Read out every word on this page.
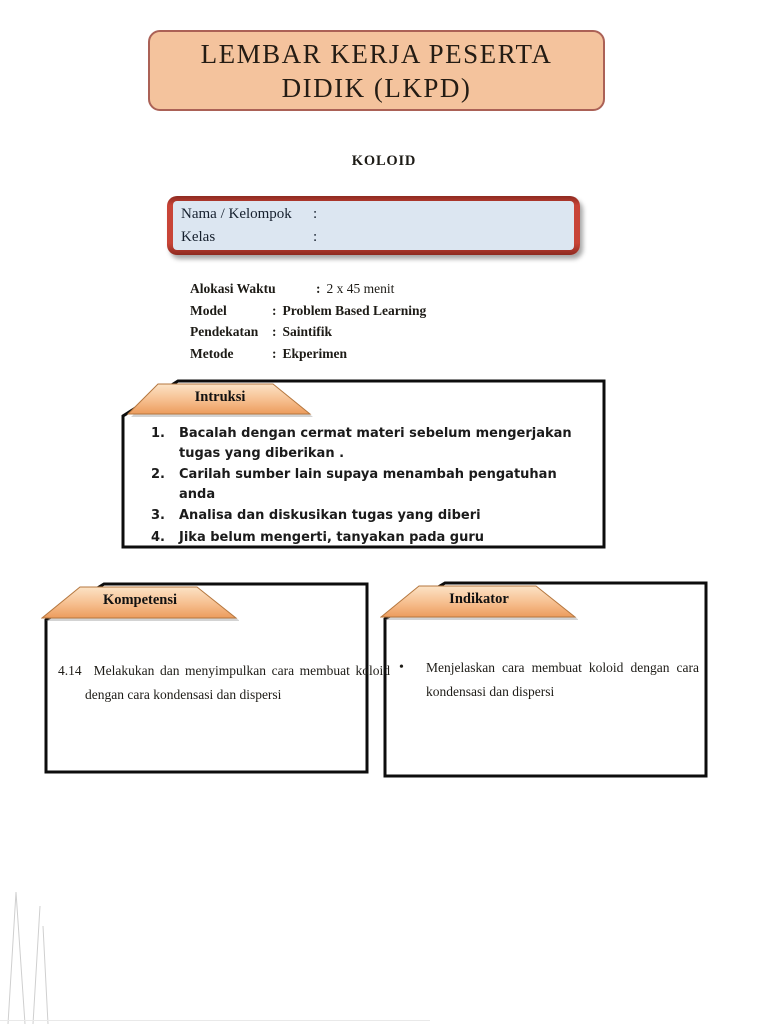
LEMBAR KERJA PESERTA
DIDIK (LKPD)
KOLOID
Nama / Kelompok	:
Kelas	:
Alokasi Waktu	: 2 x 45 menit
Model	: Problem Based Learning
Pendekatan	: Saintifik
Metode	: Ekperimen
Intruksi
1.	Bacalah dengan cermat materi sebelum mengerjakan tugas yang diberikan .
2.	Carilah sumber lain supaya menambah pengatuhan anda
3.	Analisa dan diskusikan tugas yang diberi
4.	Jika belum mengerti, tanyakan pada guru
Kompetensi
4.14 Melakukan dan menyimpulkan cara membuat koloid dengan cara kondensasi dan dispersi
Indikator
•	Menjelaskan cara membuat koloid dengan cara kondensasi dan dispersi
